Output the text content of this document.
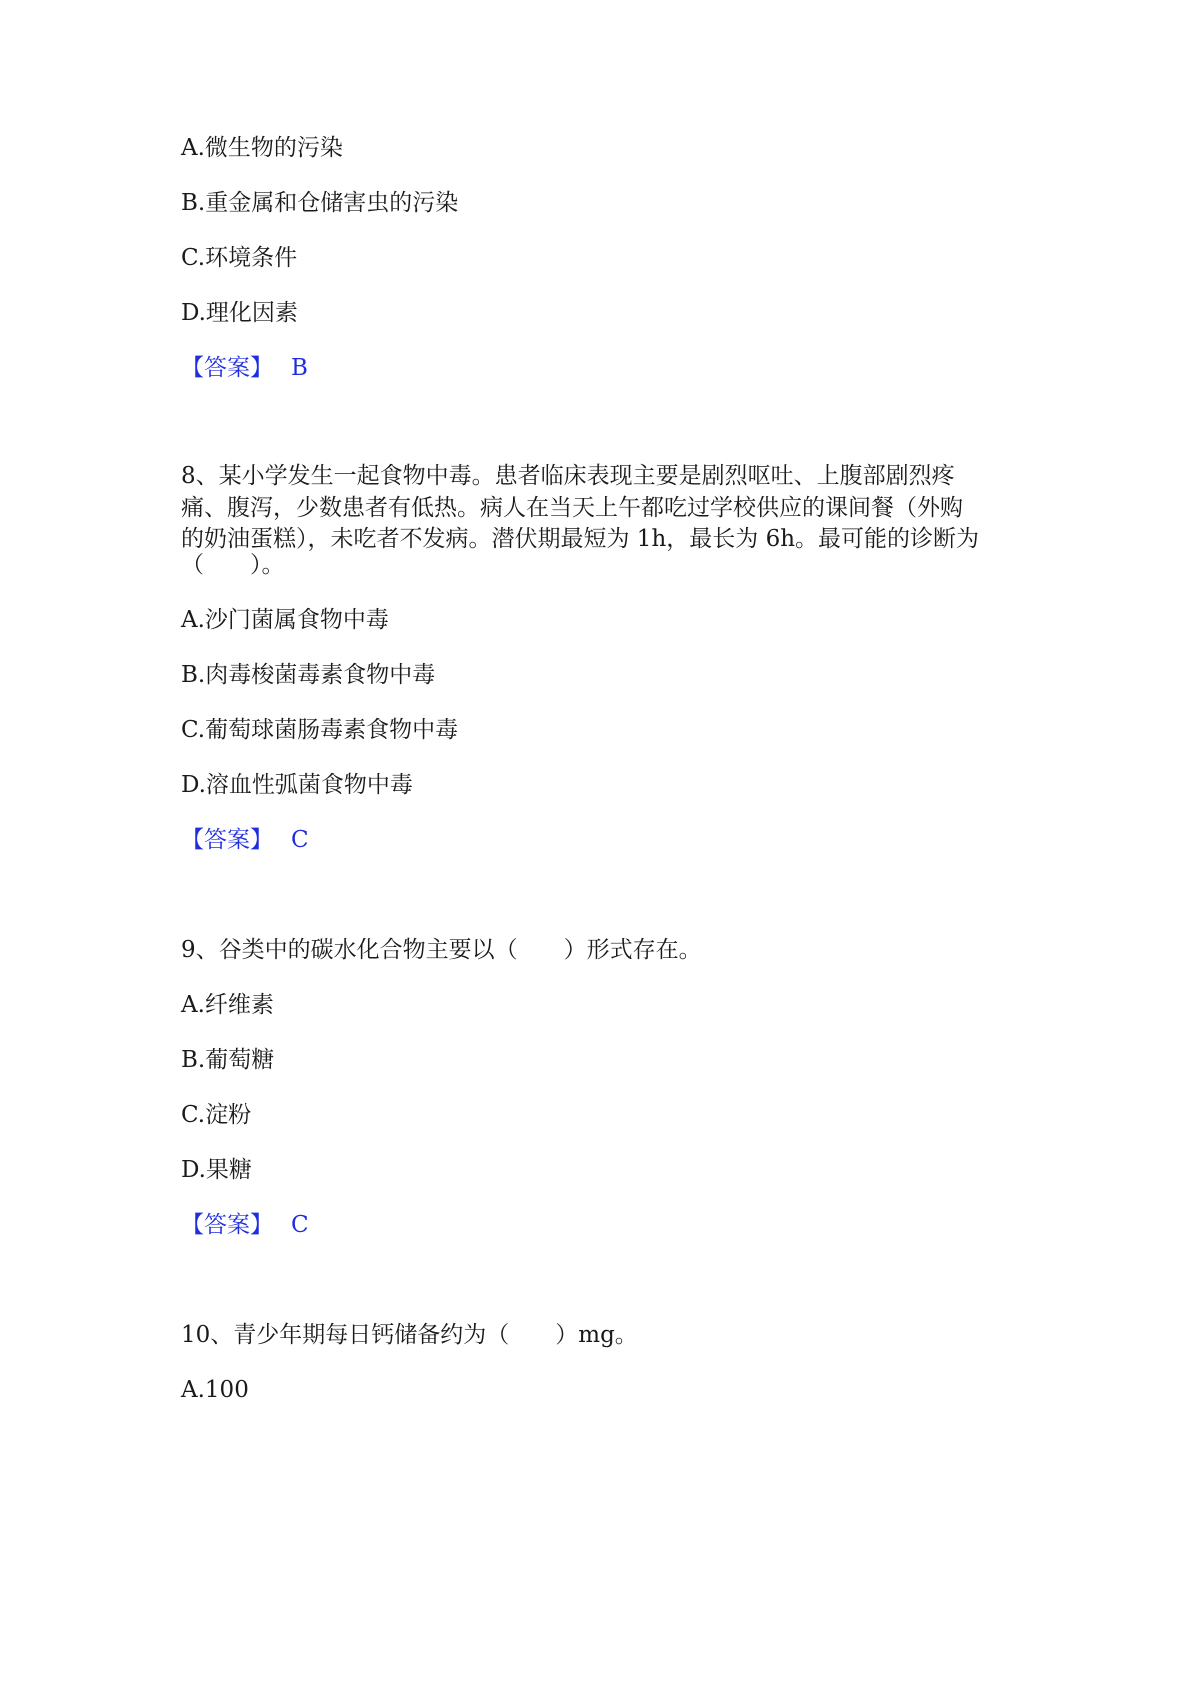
A.微生物的污染
B.重金属和仓储害虫的污染
C.环境条件
D.理化因素
【答案】 B
8、某小学发生一起食物中毒。患者临床表现主要是剧烈呕吐、上腹部剧烈疼
痛、腹泻，少数患者有低热。病人在当天上午都吃过学校供应的课间餐（外购
的奶油蛋糕），未吃者不发病。潜伏期最短为 1h，最长为 6h。最可能的诊断为
（　　）。
A.沙门菌属食物中毒
B.肉毒梭菌毒素食物中毒
C.葡萄球菌肠毒素食物中毒
D.溶血性弧菌食物中毒
【答案】 C
9、谷类中的碳水化合物主要以（　　）形式存在。
A.纤维素
B.葡萄糖
C.淀粉
D.果糖
【答案】 C
10、青少年期每日钙储备约为（　　）mg。
A.100
